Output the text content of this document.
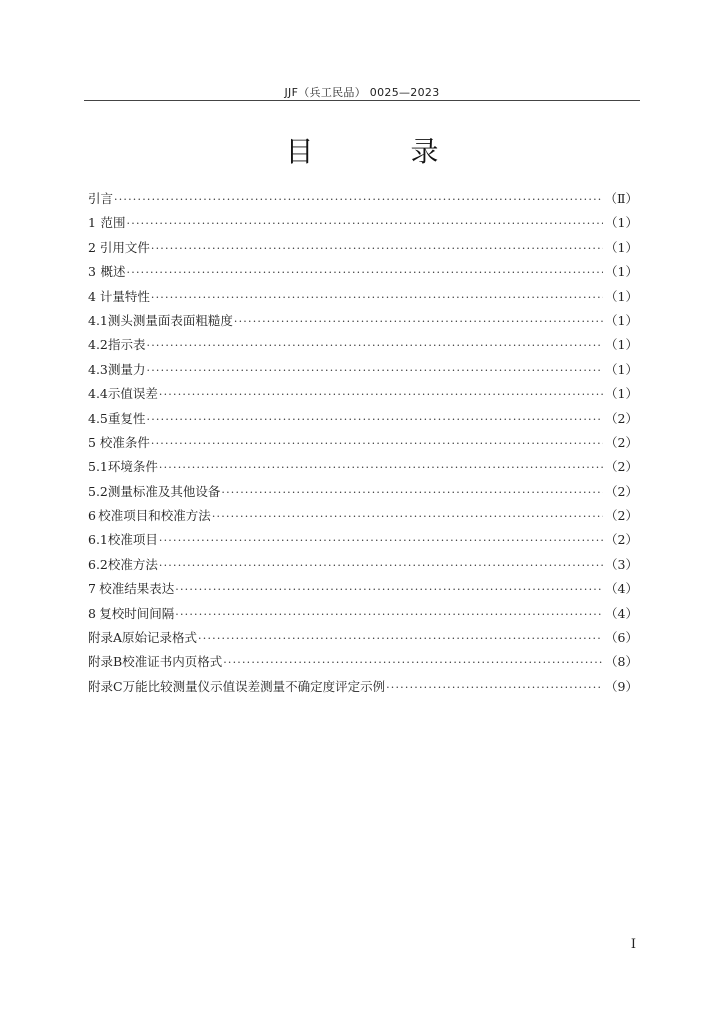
JJF（兵工民品） 0025—2023
目 录
引言 ·····	（Ⅱ）
1 范围 ·····	（1）
2 引用文件 ·····	（1）
3 概述 ·····	（1）
4 计量特性 ·····	（1）
4.1 测头测量面表面粗糙度 ·····	（1）
4.2 指示表 ·····	（1）
4.3 测量力 ·····	（1）
4.4 示值误差 ·····	（1）
4.5 重复性 ·····	（2）
5 校准条件 ·····	（2）
5.1 环境条件 ·····	（2）
5.2 测量标准及其他设备 ·····	（2）
6 校准项目和校准方法 ·····	（2）
6.1 校准项目 ·····	（2）
6.2 校准方法 ·····	（3）
7 校准结果表达 ·····	（4）
8 复校时间间隔 ·····	（4）
附录A 原始记录格式 ·····	（6）
附录B 校准证书内页格式 ·····	（8）
附录C 万能比较测量仪示值误差测量不确定度评定示例 ·····	（9）
Ⅰ
